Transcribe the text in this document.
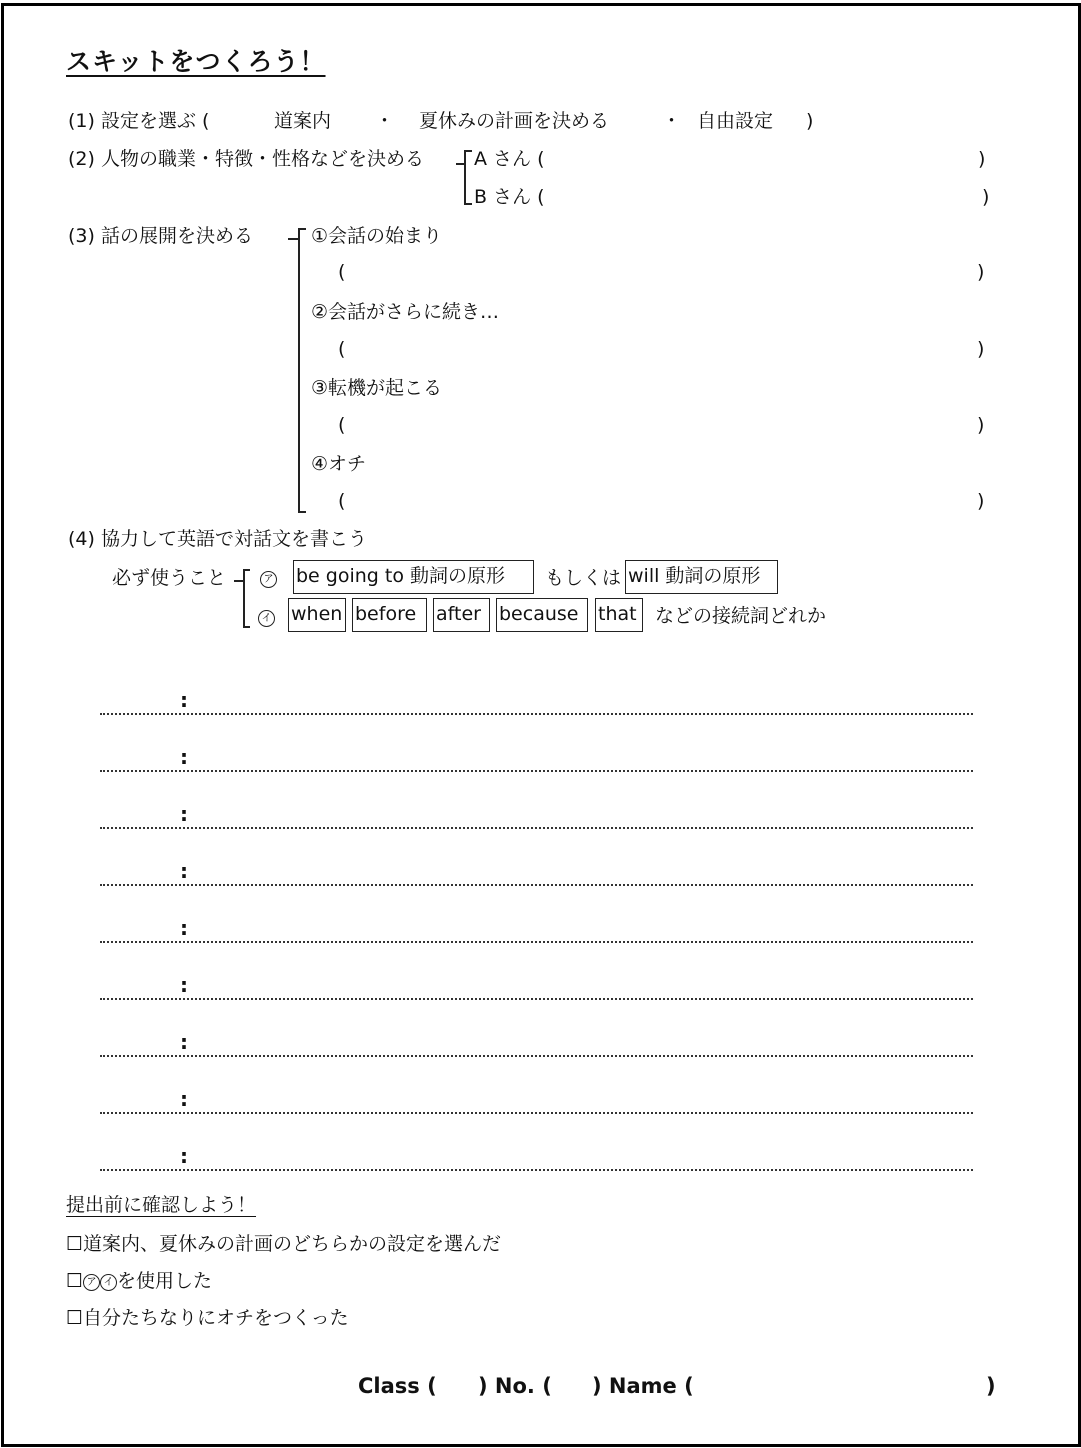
スキットをつくろう！
(1) 設定を選ぶ (	道案内 ・ 夏休みの計画を決める	・ 自由設定 )
(2) 人物の職業・特徴・性格などを決める	A さん (	)
B さん (	)
(3) 話の展開を決める	①会話の始まり
(	)
②会話がさらに続き…
(	)
③転機が起こる
(	)
④オチ
(	)
(4) 協力して英語で対話文を書こう
必ず使うこと	ア be going to 動詞の原形	もしくは will 動詞の原形
イ when before	after because	that などの接続詞どれか
:
:
:
:
:
:
:
:
:
提出前に確認しよう！
☐道案内、夏休みの計画のどちらかの設定を選んだ
☐ ア イ を使用した
☐自分たちなりにオチをつくった
Class ( ) No. ( ) Name (	)
